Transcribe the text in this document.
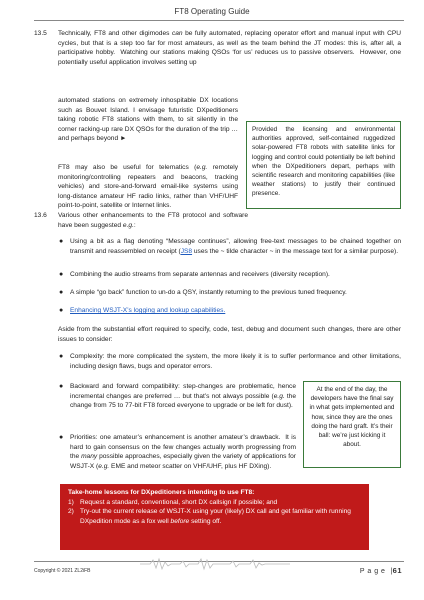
FT8 Operating Guide
13.5 Technically, FT8 and other digimodes can be fully automated, replacing operator effort and manual input with CPU cycles, but that is a step too far for most amateurs, as well as the team behind the JT modes: this is, after all, a participative hobby.  Watching our stations making QSOs ‘for us’ reduces us to passive observers.  However, one potentially useful application involves setting up

automated stations on extremely inhospitable DX locations such as Bouvet Island. I envisage futuristic DXpeditioners taking robotic FT8 stations with them, to sit silently in the corner racking-up rare DX QSOs for the duration of the trip … and perhaps beyond ►

FT8 may also be useful for telematics (e.g. remotely monitoring/controlling repeaters and beacons, tracking vehicles) and store-and-forward email-like systems using long-distance amateur HF radio links, rather than VHF/UHF point-to-point, satellite or Internet links.

Provided the licensing and environmental authorities approved, self-contained ruggedized solar-powered FT8 robots with satellite links for logging and control could potentially be left behind when the DXpeditioners depart, perhaps with scientific research and monitoring capabilities (like weather stations) to justify their continued presence.
13.6 Various other enhancements to the FT8 protocol and software have been suggested e.g.:

● Using a bit as a flag denoting “Message continues”, allowing free-text messages to be chained together on transmit and reassembled on receipt (JS8 uses the ~ tilde character ~ in the message text for a similar purpose).
● Combining the audio streams from separate antennas and receivers (diversity reception).
● A simple “go back” function to un-do a QSY, instantly returning to the previous tuned frequency.
● Enhancing WSJT-X’s logging and lookup capabilities.

Aside from the substantial effort required to specify, code, test, debug and document such changes, there are other issues to consider:

● Complexity: the more complicated the system, the more likely it is to suffer performance and other limitations, including design flaws, bugs and operator errors.
● Backward and forward compatibility: step-changes are problematic, hence incremental changes are preferred … but that’s not always possible (e.g. the change from 75 to 77-bit FT8 forced everyone to upgrade or be left for dust).
● Priorities: one amateur’s enhancement is another amateur’s drawback.  It is hard to gain consensus on the few changes actually worth progressing from the many possible approaches, especially given the variety of applications for WSJT-X (e.g. EME and meteor scatter on VHF/UHF, plus HF DXing).
At the end of the day, the developers have the final say in what gets implemented and how, since they are the ones doing the hard graft. It’s their ball: we’re just kicking it about.
Take-home lessons for DXpeditioners intending to use FT8:
1) Request a standard, conventional, short DX callsign if possible; and
2) Try-out the current release of WSJT-X using your (likely) DX call and get familiar with running DXpedition mode as a fox well before setting off.
Copyright © 2021 ZL2iFB	P a g e  |61
